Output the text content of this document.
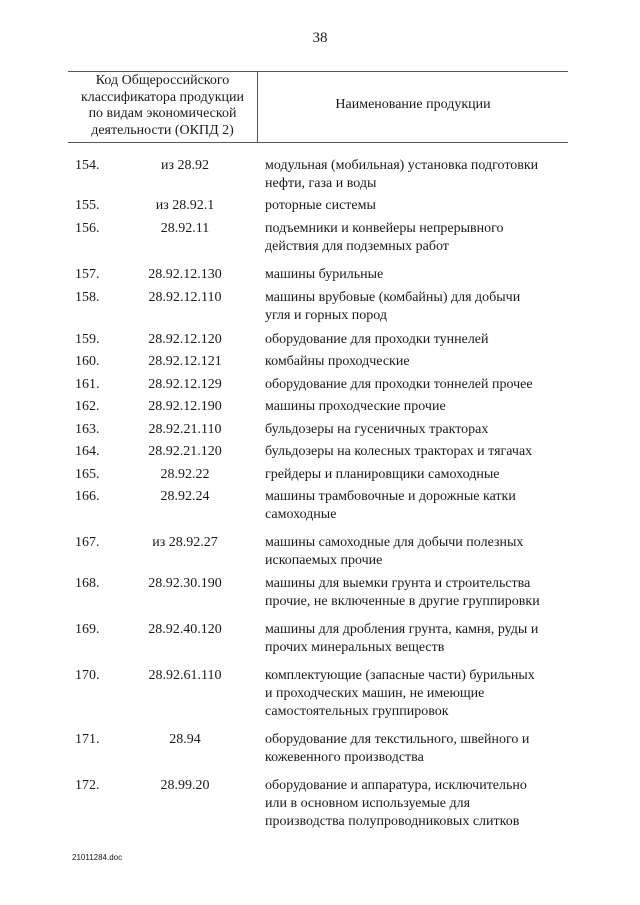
38
Код Общероссийского
классификатора продукции
по видам экономической
деятельности (ОКПД 2)
Наименование продукции
154.	из 28.92	модульная (мобильная) установка подготовки
нефти, газа и воды
155.	из 28.92.1	роторные системы
156.	28.92.11	подъемники и конвейеры непрерывного
действия для подземных работ
157.	28.92.12.130	машины бурильные
158.	28.92.12.110	машины врубовые (комбайны) для добычи
угля и горных пород
159.	28.92.12.120	оборудование для проходки туннелей
160.	28.92.12.121	комбайны проходческие
161.	28.92.12.129	оборудование для проходки тоннелей прочее
162.	28.92.12.190	машины проходческие прочие
163.	28.92.21.110	бульдозеры на гусеничных тракторах
164.	28.92.21.120	бульдозеры на колесных тракторах и тягачах
165.	28.92.22	грейдеры и планировщики самоходные
166.	28.92.24	машины трамбовочные и дорожные катки
самоходные
167.	из 28.92.27	машины самоходные для добычи полезных
ископаемых прочие
168.	28.92.30.190	машины для выемки грунта и строительства
прочие, не включенные в другие группировки
169.	28.92.40.120	машины для дробления грунта, камня, руды и
прочих минеральных веществ
170.	28.92.61.110	комплектующие (запасные части) бурильных
и проходческих машин, не имеющие
самостоятельных группировок
171.	28.94	оборудование для текстильного, швейного и
кожевенного производства
172.	28.99.20	оборудование и аппаратура, исключительно
или в основном используемые для
производства полупроводниковых слитков
21011284.doc
